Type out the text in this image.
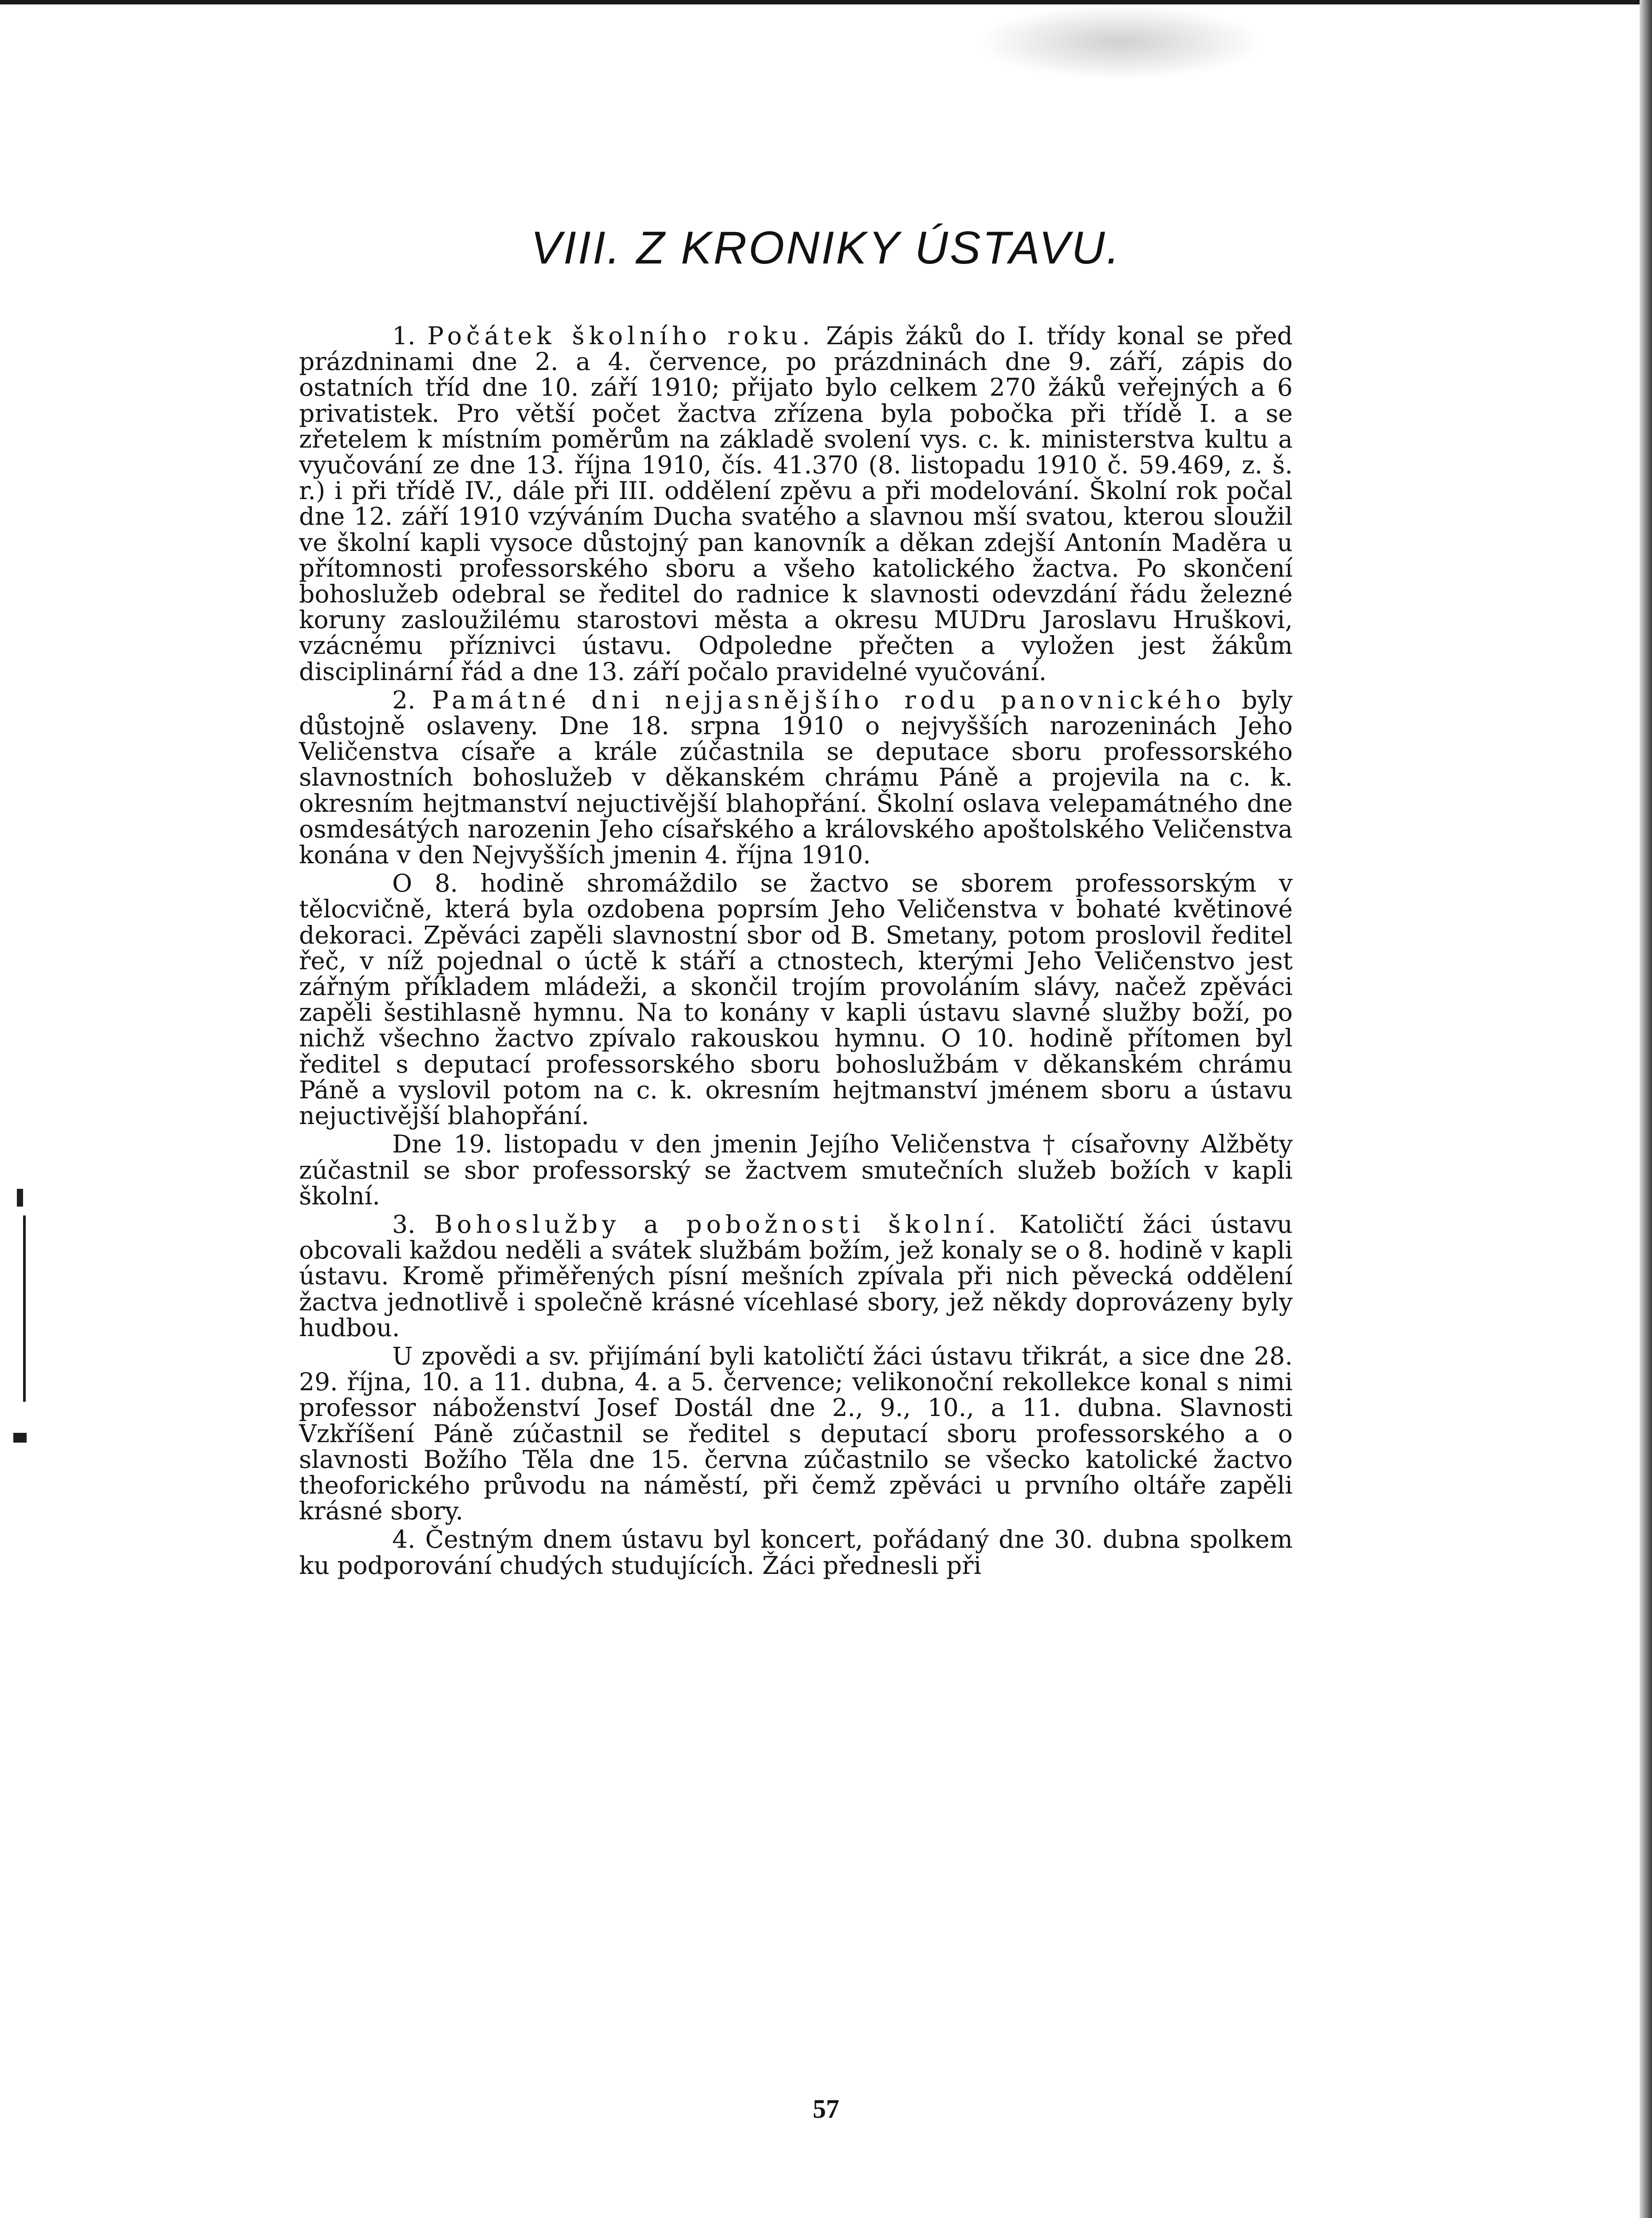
VIII. Z KRONIKY ÚSTAVU.

1. Počátek školního roku. Zápis žáků do I. třídy konal se před prázdninami dne 2. a 4. července, po prázdninách dne 9. září, zápis do ostatních tříd dne 10. září 1910; přijato bylo celkem 270 žáků veřejných a 6 privatistek. Pro větší počet žactva zřízena byla pobočka při třídě I. a se zřetelem k místním poměrům na základě svolení vys. c. k. ministerstva kultu a vyučování ze dne 13. října 1910, čís. 41.370 (8. listopadu 1910 č. 59.469, z. š. r.) i při třídě IV., dále při III. oddělení zpěvu a při modelování. Školní rok počal dne 12. září 1910 vzýváním Ducha svatého a slavnou mší svatou, kterou sloužil ve školní kapli vysoce důstojný pan kanovník a děkan zdejší Antonín Maděra u přítomnosti professorského sboru a všeho katolického žactva. Po skončení bohoslužeb odebral se ředitel do radnice k slavnosti odevzdání řádu železné koruny zasloužilému starostovi města a okresu MUDru Jaroslavu Hruškovi, vzácnému příznivci ústavu. Odpoledne přečten a vyložen jest žákům disciplinární řád a dne 13. září počalo pravidelné vyučování.

2. Památné dni nejjasnějšího rodu panovnického byly důstojně oslaveny. Dne 18. srpna 1910 o nejvyšších narozeninách Jeho Veličenstva císaře a krále zúčastnila se deputace sboru professorského slavnostních bohoslužeb v děkanském chrámu Páně a projevila na c. k. okresním hejtmanství nejuctivější blahopřání. Školní oslava velepamátného dne osmdesátých narozenin Jeho císařského a královského apoštolského Veličenstva konána v den Nejvyšších jmenin 4. října 1910.

O 8. hodině shromáždilo se žactvo se sborem professorským v tělocvičně, která byla ozdobena poprsím Jeho Veličenstva v bohaté květinové dekoraci. Zpěváci zapěli slavnostní sbor od B. Smetany, potom proslovil ředitel řeč, v níž pojednal o úctě k stáří a ctnostech, kterými Jeho Veličenstvo jest zářným příkladem mládeži, a skončil trojím provoláním slávy, načež zpěváci zapěli šestihlasně hymnu. Na to konány v kapli ústavu slavné služby boží, po nichž všechno žactvo zpívalo rakouskou hymnu. O 10. hodině přítomen byl ředitel s deputací professorského sboru bohoslužbám v děkanském chrámu Páně a vyslovil potom na c. k. okresním hejtmanství jménem sboru a ústavu nejuctivější blahopřání.

Dne 19. listopadu v den jmenin Jejího Veličenstva † císařovny Alžběty zúčastnil se sbor professorský se žactvem smutečních služeb božích v kapli školní.

3. Bohoslužby a pobožnosti školní. Katoličtí žáci ústavu obcovali každou neděli a svátek službám božím, jež konaly se o 8. hodině v kapli ústavu. Kromě přiměřených písní mešních zpívala při nich pěvecká oddělení žactva jednotlivě i společně krásné vícehlasé sbory, jež někdy doprovázeny byly hudbou.

U zpovědi a sv. přijímání byli katoličtí žáci ústavu třikrát, a sice dne 28. 29. října, 10. a 11. dubna, 4. a 5. července; velikonoční rekollekce konal s nimi professor náboženství Josef Dostál dne 2., 9., 10., a 11. dubna. Slavnosti Vzkříšení Páně zúčastnil se ředitel s deputací sboru professorského a o slavnosti Božího Těla dne 15. června zúčastnilo se všecko katolické žactvo theoforického průvodu na náměstí, při čemž zpěváci u prvního oltáře zapěli krásné sbory.

4. Čestným dnem ústavu byl koncert, pořádaný dne 30. dubna spolkem ku podporování chudých studujících. Žáci přednesli při

57
